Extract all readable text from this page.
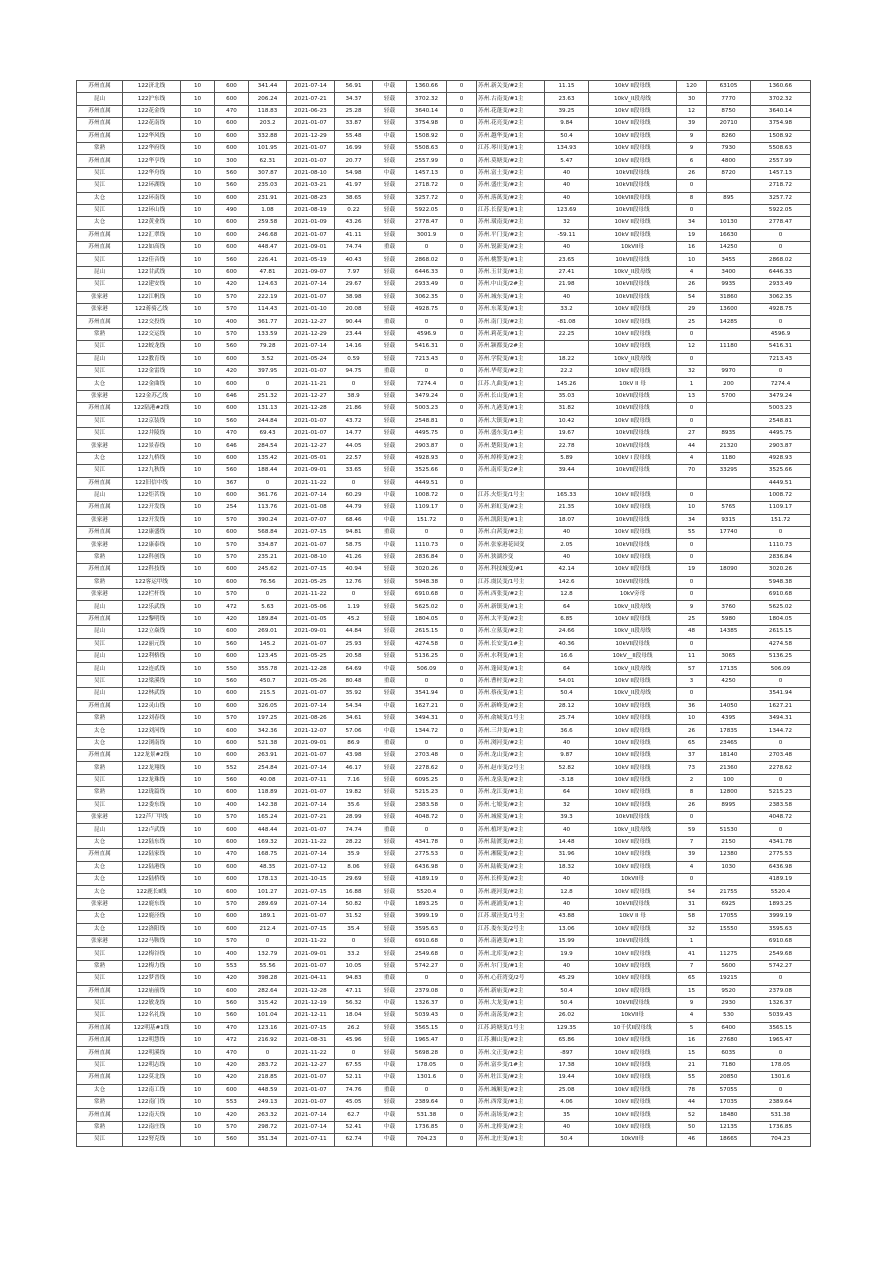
苏州直属	122济北线	10	600	341.44	2021-07-14	56.91	中载	1360.66	0	苏州.新关变/#2主	11.15	10kV II段母线	120	63105	1360.66
昆山	122沪东线	10	600	206.24	2021-07-21	34.37	轻载	3702.32	0	苏州.古南变/#1主	23.63	10kV_II段母线	30	7770	3702.32
苏州直属	122花金线	10	470	118.83	2021-06-23	25.28	轻载	3640.14	0	苏州.花蓬变/#2主	39.25	10kV II段母线	12	8750	3640.14
苏州直属	122花南线	10	600	203.2	2021-01-07	33.87	轻载	3754.98	0	苏州.花亮变/#2主	9.84	10kV II段母线	39	20710	3754.98
苏州直属	122华风线	10	600	332.88	2021-12-29	55.48	中载	1508.92	0	苏州.越华变/#1主	50.4	10kV II段母线	9	8260	1508.92
常熟	122华府线	10	600	101.95	2021-01-07	16.99	轻载	5508.63	0	江苏.琴川变/#1主	134.93	10kV II段母线	9	7930	5508.63
苏州直属	122华亨线	10	300	62.31	2021-01-07	20.77	轻载	2557.99	0	苏州.莫塘变/#2主	5.47	10kV II段母线	6	4800	2557.99
吴江	122华舟线	10	560	307.87	2021-08-10	54.98	中载	1457.13	0	苏州.富土变/#2主	40	10kVII段母线	26	8720	1457.13
吴江	122环湖线	10	560	235.03	2021-03-21	41.97	轻载	2718.72	0	苏州.盛庄变/#2主	40	10kVII段母线	0		2718.72
太仓	122环南线	10	600	231.91	2021-08-23	38.65	轻载	3257.72	0	苏州.落萬变/#2主	40	10kVIII段母线	8	895	3257.72
吴江	122环山线	10	490	1.08	2021-08-19	0.22	轻载	5922.05	0	江苏.长留变/#1主	123.69	10kVII段母线	0		5922.05
太仓	122黄业线	10	600	259.58	2021-01-09	43.26	轻载	2778.47	0	苏州.璜南变/#2主	32	10kV II段母线	34	10130	2778.47
苏州直属	122汇翠线	10	600	246.68	2021-01-07	41.11	轻载	3001.9	0	苏州.平门变/#2主	-59.11	10kV II段母线	19	16630	0
苏州直属	122如高线	10	600	448.47	2021-09-01	74.74	重载	0	0	苏州.锐新变/#2主	40	10kVII母	16	14250	0
吴江	122佳音线	10	560	226.41	2021-05-19	40.43	轻载	2868.02	0	苏州.桃警变/#1主	23.65	10kVII段母线	10	3455	2868.02
昆山	122甘武线	10	600	47.81	2021-09-07	7.97	轻载	6446.33	0	苏州.玉甘变/#1主	27.41	10kV_II段母线	4	3400	6446.33
吴江	122建安线	10	420	124.63	2021-07-14	29.67	轻载	2933.49	0	苏州.中山变/2#主	21.98	10kVII段母线	26	9935	2933.49
张家港	122江帆线	10	570	222.19	2021-01-07	38.98	轻载	3062.35	0	苏州.城东变/#1主	40	10kVII段母线	54	31860	3062.35
张家港	122蒋骑乙线	10	570	114.43	2021-01-10	20.08	轻载	4928.75	0	苏州.东莱变/#1主	33.2	10kV II段母线	29	13600	4928.75
苏州直属	122交投线	10	400	361.77	2021-12-27	90.44	重载	0	0	苏州.南门变/#2主	-81.08	10kV II段母线	25	14285	0
常熟	122交运线	10	570	133.59	2021-12-29	23.44	轻载	4596.9	0	苏州.莉花变/#1主	22.25	10kV II段母线	0		4596.9
吴江	122蛟龙线	10	560	79.28	2021-07-14	14.16	轻载	5416.31	0	苏州.颍都变/2#主		10kV II段母线	12	11180	5416.31
昆山	122教育线	10	600	3.52	2021-05-24	0.59	轻载	7213.43	0	苏州.学院变/#1主	18.22	10kV_II段母线	0		7213.43
吴江	122金雷线	10	420	397.95	2021-01-07	94.75	重载	0	0	苏州.华莺变/#2主	22.2	10kV II段母线	32	9970	0
太仓	122金曲线	10	600	0	2021-11-21	0	轻载	7274.4	0	江苏.九曲变/#1主	145.26	10kV II 母	1	200	7274.4
张家港	122金苏乙线	10	646	251.32	2021-12-27	38.9	轻载	3479.24	0	苏州.长山变/#1主	35.03	10kVII段母线	13	5700	3479.24
苏州直属	122陆港#2线	10	600	131.13	2021-12-28	21.86	轻载	5003.23	0	苏州.九港变/#1主	31.82	10kVII段母线	0		5003.23
吴江	122京装线	10	560	244.84	2021-01-07	43.72	轻载	2548.81	0	苏州.大镇变/#1主	10.42	10kV II段母线	0		2548.81
吴江	122井陵线	10	470	69.43	2021-01-07	14.77	轻载	4495.75	0	苏州.盛东变/1#主	19.67	10kVII段母线	27	8935	4495.75
张家港	122景春线	10	646	284.54	2021-12-27	44.05	轻载	2903.87	0	苏州.楚阳变/#1主	22.78	10kVII段母线	44	21320	2903.87
太仓	122九桥线	10	600	135.42	2021-05-01	22.57	轻载	4928.93	0	苏州.绰桥变/#2主	5.89	10kV I 段母线	4	1180	4928.93
吴江	122九秋线	10	560	188.44	2021-09-01	33.65	轻载	3525.66	0	苏州.南库变/2#主	39.44	10kVII段母线	70	33295	3525.66
苏州直属	122旧信中线	10	367	0	2021-11-22	0	轻载	4449.51	0						4449.51
昆山	122炬茗线	10	600	361.76	2021-07-14	60.29	中载	1008.72	0	江苏.火炬变/1号主	165.33	10kV II段母线	0		1008.72
苏州直属	122开发线	10	254	113.76	2021-01-08	44.79	轻载	1109.17	0	苏州.彩虹变/#2主	21.35	10kV II段母线	10	5765	1109.17
张家港	122开发线	10	570	390.24	2021-07-07	68.46	中载	151.72	0	苏州.凯阳变/#1主	18.07	10kVII段母线	34	9315	151.72
苏州直属	122康盛线	10	600	568.84	2021-07-15	94.81	重载	0	0	苏州.白茜变/#2主	40	10kV II段母线	55	17740	0
张家港	122康泰线	10	570	334.87	2021-01-07	58.75	中载	1110.73	0	苏州.张家港花园变	2.05	10kVII段母线	0		1110.73
常熟	122科创线	10	570	235.21	2021-08-10	41.26	轻载	2836.84	0	苏州.狭湖沙变	40	10kV II段母线	0		2836.84
苏州直属	122科技线	10	600	245.62	2021-07-15	40.94	轻载	3020.26	0	苏州.科技城变/#1	42.14	10kV II段母线	19	18090	3020.26
常熟	122客运甲线	10	600	76.56	2021-05-25	12.76	轻载	5948.38	0	江苏.虞民变/1号主	142.6	10kVII段母线	0		5948.38
张家港	122栏杆线	10	570	0	2021-11-22	0	轻载	6910.68	0	苏州.西张变/#2主	12.8	10kV旁母	0		6910.68
昆山	122乐武线	10	472	5.63	2021-05-06	1.19	轻载	5625.02	0	苏州.新镇变/#1主	64	10kV_II段母线	9	3760	5625.02
苏州直属	122黎明线	10	420	189.84	2021-01-05	45.2	轻载	1804.05	0	苏州.太平变/#2主	6.85	10kV II段母线	25	5980	1804.05
昆山	122立焱线	10	600	269.01	2021-09-01	44.84	轻载	2615.15	0	苏州.立墓变/#2主	24.66	10kV_II段母线	48	14385	2615.15
吴江	122丽元线	10	560	145.2	2021-01-07	25.93	轻载	4274.58	0	苏州.长安变/1#主	40.36	10kVII段母线	0		4274.58
昆山	122利格线	10	600	123.45	2021-05-25	20.58	轻载	5136.25	0	苏州.水利变/#1主	16.6	10kV__II段母线	11	3065	5136.25
昆山	122连贰线	10	550	355.78	2021-12-28	64.69	中载	506.09	0	苏州.蓬园变/#1主	64	10kV_II段母线	57	17135	506.09
吴江	122梁溪线	10	560	450.7	2021-05-26	80.48	重载	0	0	苏州.曹村变/#2主	54.01	10kV II段母线	3	4250	0
昆山	122林武线	10	600	215.5	2021-01-07	35.92	轻载	3541.94	0	苏州.蔡夜变/#1主	50.4	10kV_II段母线	0		3541.94
苏州直属	122灵山线	10	600	326.05	2021-07-14	54.34	中载	1627.21	0	苏州.新峰变/#2主	28.12	10kV II段母线	36	14050	1627.21
常熟	122刘春线	10	570	197.25	2021-08-26	34.61	轻载	3494.31	0	苏州.俞城变/1号主	25.74	10kV II段母线	10	4395	3494.31
太仓	122刘河线	10	600	342.36	2021-12-07	57.06	中载	1344.72	0	苏州.三井变/#1主	36.6	10kV II段母线	26	17835	1344.72
太仓	122浏南线	10	600	521.38	2021-09-01	86.9	重载	0	0	苏州.浏河变/#2主	40	10kV II段母线	65	23465	0
苏州直属	122龙景#2线	10	600	263.91	2021-01-07	43.98	轻载	2703.48	0	苏州.龙山变/#2主	9.87	10kV II段母线	37	18140	2703.48
常熟	122龙翔线	10	552	254.84	2021-07-14	46.17	轻载	2278.62	0	苏州.赵市变/2号主	52.82	10kV II段母线	73	21360	2278.62
吴江	122龙珠线	10	560	40.08	2021-07-11	7.16	轻载	6095.25	0	苏州.龙泉变/#2主	-3.18	10kV II段母线	2	100	0
常熟	122珑篇线	10	600	118.89	2021-01-07	19.82	轻载	5215.23	0	苏州.龙江变/#1主	64	10kV II段母线	8	12800	5215.23
吴江	122娄东线	10	400	142.38	2021-07-14	35.6	轻载	2383.58	0	苏州.七娘变/#2主	32	10kV II段母线	26	8995	2383.58
张家港	122芦厂甲线	10	570	165.24	2021-07-21	28.99	轻载	4048.72	0	苏州.城鲨变/#1主	39.3	10kVII段母线	0		4048.72
昆山	122卢武线	10	600	448.44	2021-01-07	74.74	重载	0	0	苏州.植坪变/#2主	40	10kV_II段母线	59	51530	0
太仓	122陆东线	10	600	169.32	2021-11-22	28.22	轻载	4341.78	0	苏州.陆渡变/#2主	14.48	10kV II段母线	7	2150	4341.78
苏州直属	122陆家线	10	470	168.75	2021-07-14	35.9	轻载	2775.53	0	苏州.湘陵变/#2主	31.96	10kV II段母线	39	12380	2775.53
太仓	122陆港线	10	600	48.35	2021-07-12	8.06	轻载	6436.98	0	苏州.陆筱变/#2主	18.32	10kV II段母线	4	1030	6436.98
太仓	122陆桥线	10	600	178.13	2021-10-15	29.69	轻载	4189.19	0	苏州.长桥变/#2主	40	10kVII母	0		4189.19
太仓	122鹿长Ⅱ线	10	600	101.27	2021-07-15	16.88	轻载	5520.4	0	苏州.鹿河变/#2主	12.8	10kV II段母线	54	21755	5520.4
张家港	122鹿东线	10	570	289.69	2021-07-14	50.82	中载	1893.25	0	苏州.鹿浦变/#1主	40	10kVII段母线	31	6925	1893.25
太仓	122鹿泾线	10	600	189.1	2021-01-07	31.52	轻载	3999.19	0	江苏.璜泾变/1号主	43.88	10kV II 母	58	17055	3999.19
太仓	122洛阳线	10	600	212.4	2021-07-15	35.4	轻载	3595.63	0	江苏.娄东变/2号主	13.06	10kV II段母线	32	15550	3595.63
张家港	122马鞍线	10	570	0	2021-11-22	0	轻载	6910.68	0	苏州.南港变/#1主	15.99	10kVII段母线	1		6910.68
吴江	122梅谷线	10	400	132.79	2021-09-01	33.2	轻载	2549.68	0	苏州.北库变/#2主	19.9	10kV II段母线	41	11275	2549.68
常熟	122梅力线	10	553	55.56	2021-01-07	10.05	轻载	5742.27	0	苏州.尔门变/#1主	40	10kV II段母线	7	5600	5742.27
吴江	122梦晋线	10	420	398.28	2021-04-11	94.83	重载	0	0	苏州.心莊湾变/2号	45.29	10kV II段母线	65	19215	0
苏州直属	122庙前线	10	600	282.64	2021-12-28	47.11	轻载	2379.08	0	苏州.新庙变/#2主	50.4	10kV II段母线	15	9520	2379.08
吴江	122敏龙线	10	560	315.42	2021-12-19	56.32	中载	1326.37	0	苏州.大龙变/#1主	50.4	10kVII段母线	9	2930	1326.37
吴江	122名礼线	10	560	101.04	2021-12-11	18.04	轻载	5039.43	0	苏州.南荡变/#2主	26.02	10kVII母	4	530	5039.43
苏州直属	122明基#1线	10	470	123.16	2021-07-15	26.2	轻载	3565.15	0	江苏.跨塘变/1号主	129.35	10千伏II段母线	5	6400	3565.15
苏州直属	122明慧线	10	472	216.92	2021-08-31	45.96	轻载	1965.47	0	江苏.狮山变/#2主	65.86	10kV II段母线	16	27680	1965.47
苏州直属	122明溪线	10	470	0	2021-11-22	0	轻载	5698.28	0	苏州.文正变/#2主	-897	10kV II段母线	15	6035	0
吴江	122明志线	10	420	283.72	2021-12-27	67.55	中载	178.05	0	苏州.富乡变/1#主	17.38	10kV II段母线	21	7180	178.05
苏州直属	122莫北线	10	420	218.85	2021-01-07	52.11	中载	1301.6	0	苏州.牡江变/#2主	19.44	10kV II段母线	55	20850	1301.6
太仓	122南工线	10	600	448.59	2021-01-07	74.76	重载	0	0	苏州.城厢变/#2主	25.08	10kV II段母线	78	57055	0
常熟	122南门线	10	553	249.13	2021-01-07	45.05	轻载	2389.64	0	苏州.西常变/#1主	4.06	10kV II段母线	44	17035	2389.64
苏州直属	122南天线	10	420	263.32	2021-07-14	62.7	中载	531.38	0	苏州.南场变/#2主	35	10kV II段母线	52	18480	531.38
常熟	122南庄线	10	570	298.72	2021-07-14	52.41	中载	1736.85	0	苏州.北桥变/#2主	40	10kV II段母线	50	12135	1736.85
吴江	122努克线	10	560	351.34	2021-07-11	62.74	中载	704.23	0	苏州.北庄变/#1主	50.4	10kVII母	46	18665	704.23
